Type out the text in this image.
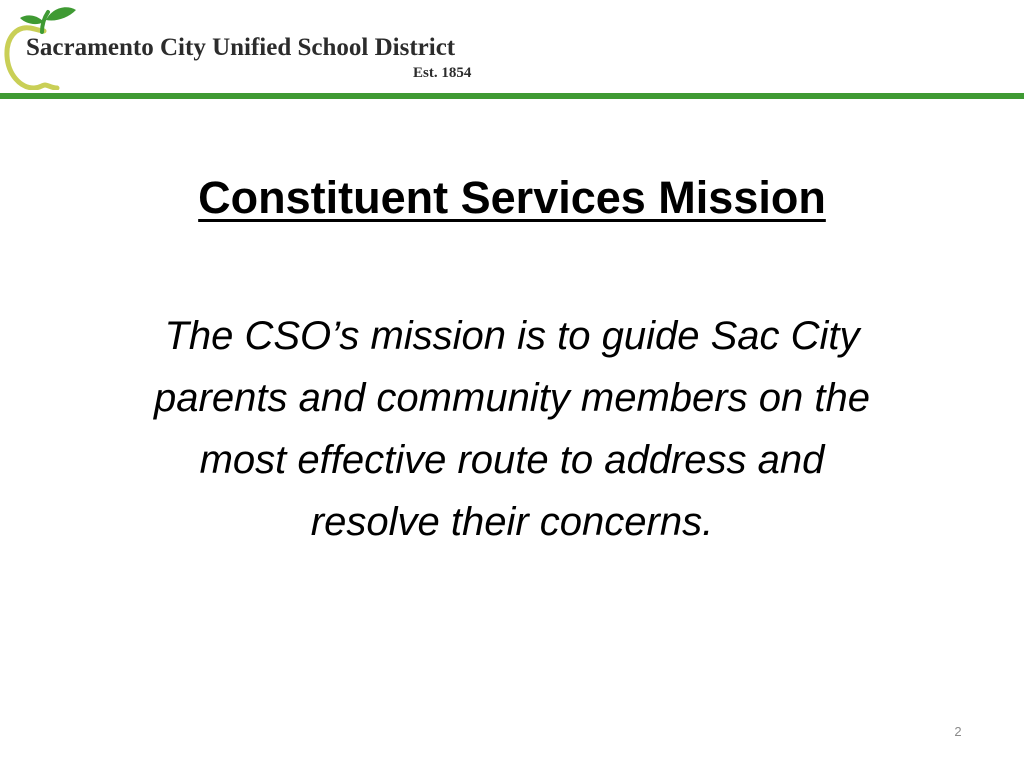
Sacramento City Unified School District
Est. 1854
Constituent Services Mission
The CSO’s mission is to guide Sac City parents and community members on the most effective route to address and resolve their concerns.
2
